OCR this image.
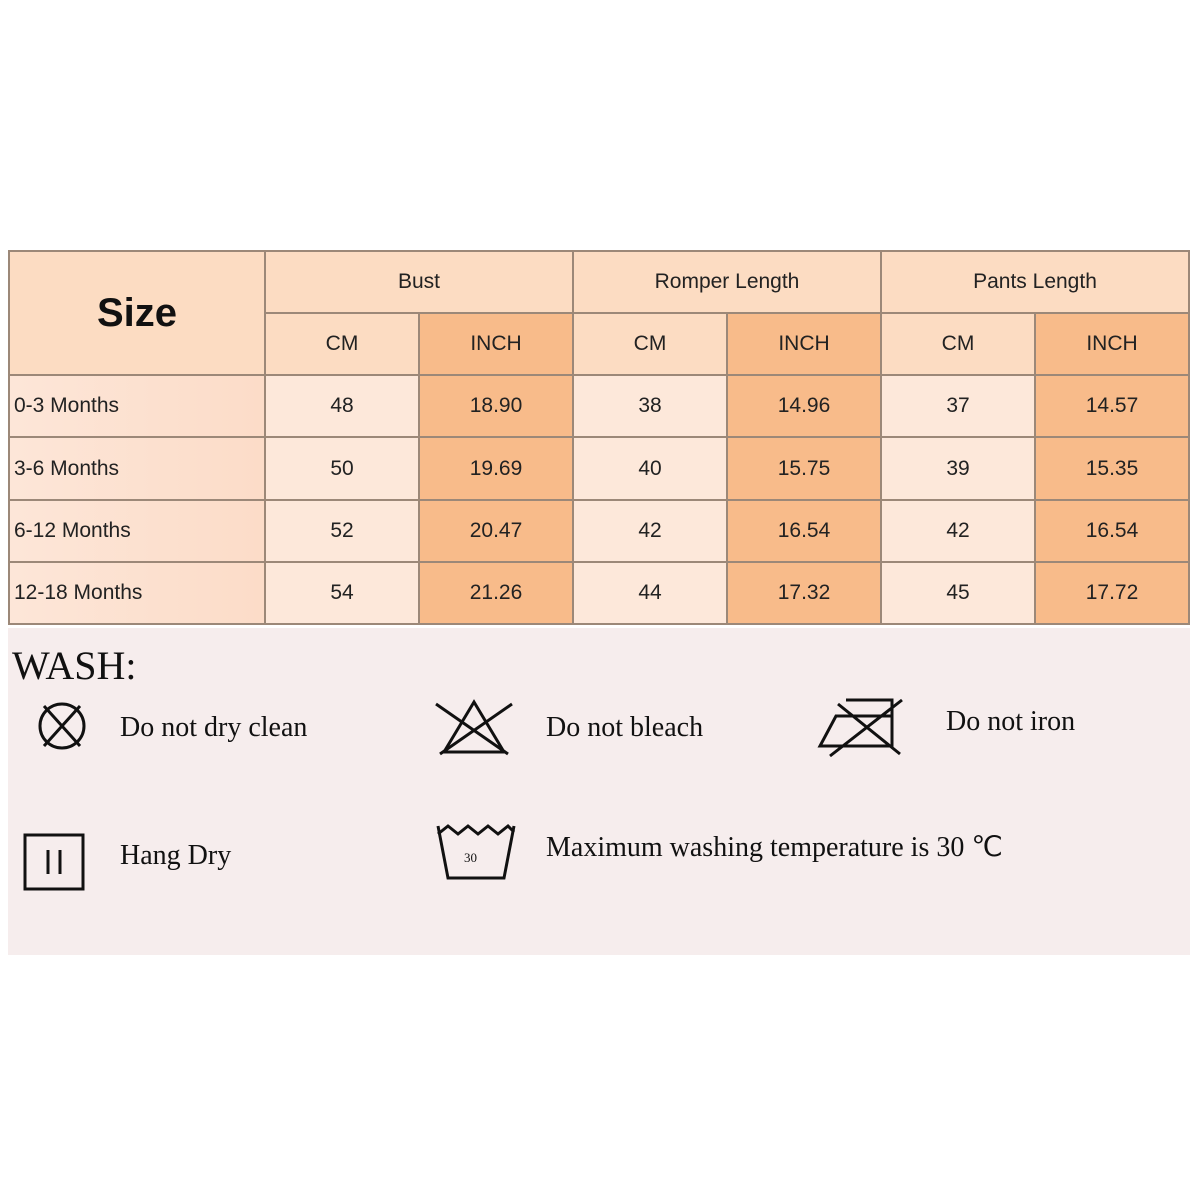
Size	Bust		Romper Length		Pants Length	
	CM	INCH	CM	INCH	CM	INCH
0-3 Months	48	18.90	38	14.96	37	14.57
3-6 Months	50	19.69	40	15.75	39	15.35
6-12 Months	52	20.47	42	16.54	42	16.54
12-18 Months	54	21.26	44	17.32	45	17.72
WASH:
Do not dry clean	Do not bleach	Do not iron
Hang Dry	30 Maximum washing temperature is 30 ℃
